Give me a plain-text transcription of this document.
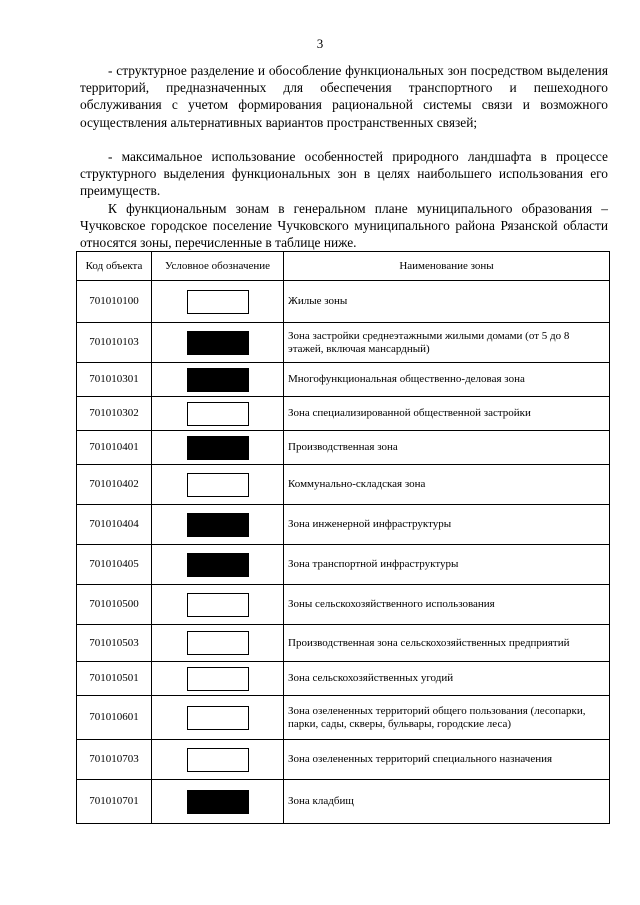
3

- структурное разделение и обособление функциональных зон посредством выделения территорий, предназначенных для обеспечения транспортного и пешеходного обслуживания с учетом формирования рациональной системы связи и возможного осуществления альтернативных вариантов пространственных связей;

- максимальное использование особенностей природного ландшафта в процессе структурного выделения функциональных зон в целях наибольшего использования его преимуществ.

К функциональным зонам в генеральном плане муниципального образования – Чучковское городское поселение Чучковского муниципального района Рязанской области относятся зоны, перечисленные в таблице ниже.

Код объекта	Условное обозначение	Наименование зоны
701010100		Жилые зоны
701010103		Зона застройки среднеэтажными жилыми домами (от 5 до 8 этажей, включая мансардный)
701010301		Многофункциональная общественно-деловая зона
701010302		Зона специализированной общественной застройки
701010401		Производственная зона
701010402		Коммунально-складская зона
701010404		Зона инженерной инфраструктуры
701010405		Зона транспортной инфраструктуры
701010500		Зоны сельскохозяйственного использования
701010503		Производственная зона сельскохозяйственных предприятий
701010501		Зона сельскохозяйственных угодий
701010601		Зона озелененных территорий общего пользования (лесопарки, парки, сады, скверы, бульвары, городские леса)
701010703		Зона озелененных территорий специального назначения
701010701		Зона кладбищ
